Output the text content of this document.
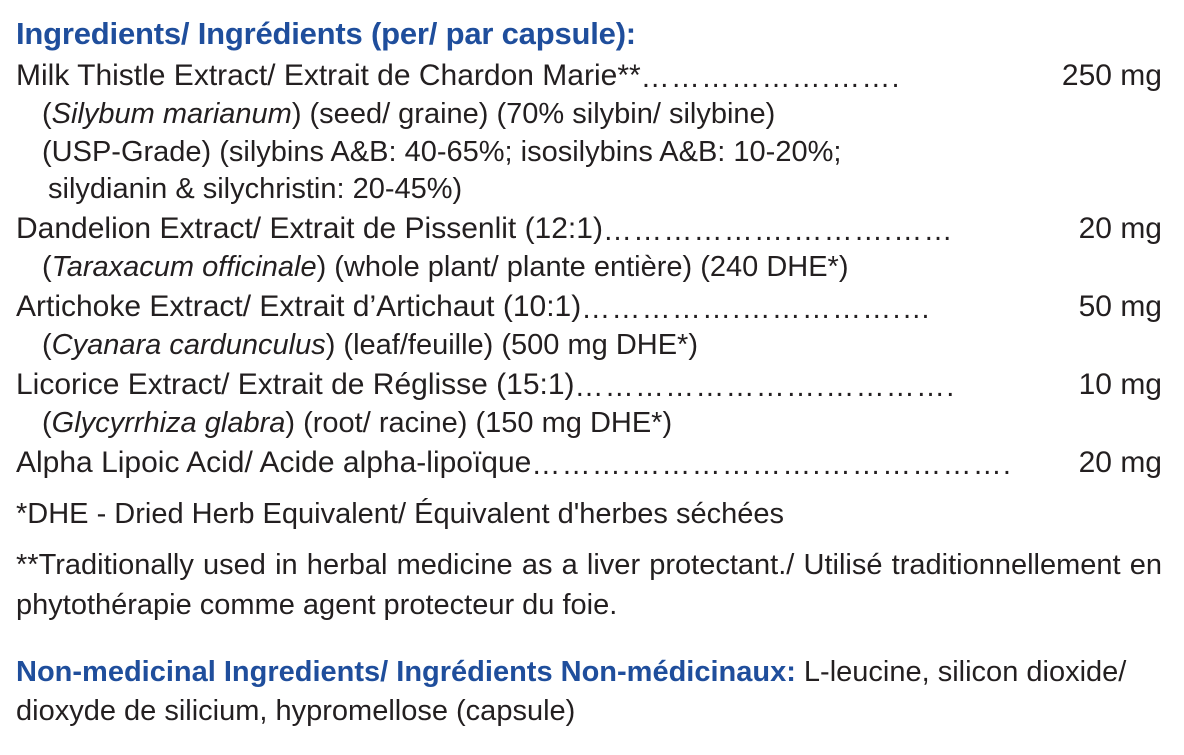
Ingredients/ Ingrédients (per/ par capsule):
Milk Thistle Extract/ Extrait de Chardon Marie** ……………….…….	250 mg
(Silybum marianum) (seed/ graine) (70% silybin/ silybine)
(USP-Grade) (silybins A&B: 40-65%; isosilybins A&B: 10-20%;
silydianin & silychristin: 20-45%)
Dandelion Extract/ Extrait de Pissenlit (12:1) ……………….……….……	20 mg
(Taraxacum officinale) (whole plant/ plante entière) (240 DHE*)
Artichoke Extract/ Extrait d’Artichaut (10:1) …………….…………….…	50 mg
(Cyanara cardunculus) (leaf/feuille) (500 mg DHE*)
Licorice Extract/ Extrait de Réglisse (15:1) …………………….………….	10 mg
(Glycyrrhiza glabra) (root/ racine) (150 mg DHE*)
Alpha Lipoic Acid/ Acide alpha-lipoïque ……….……………….……………….	20 mg
*DHE - Dried Herb Equivalent/ Équivalent d'herbes séchées
**Traditionally used in herbal medicine as a liver protectant./ Utilisé traditionnellement en phytothérapie comme agent protecteur du foie.
Non-medicinal Ingredients/ Ingrédients Non-médicinaux: L-leucine, silicon dioxide/ dioxyde de silicium, hypromellose (capsule)
